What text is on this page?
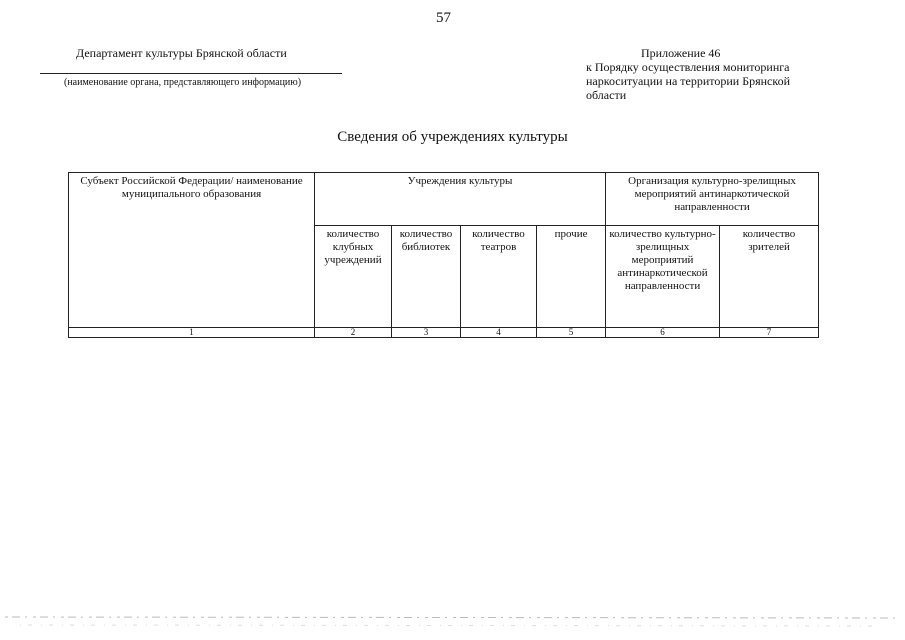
57
Департамент культуры Брянской области
(наименование органа, представляющего информацию)
Приложение 46
к Порядку осуществления мониторинга наркоситуации на территории Брянской области
Сведения об учреждениях культуры
Субъект Российской Федерации/ наименование муниципального образования	Учреждения культуры				Организация культурно-зрелищных мероприятий антинаркотической направленности	
	количество клубных учреждений	количество библиотек	количество театров	прочие	количество культурно-зрелищных мероприятий антинаркотической направленности	количество зрителей
1	2	3	4	5	6	7
